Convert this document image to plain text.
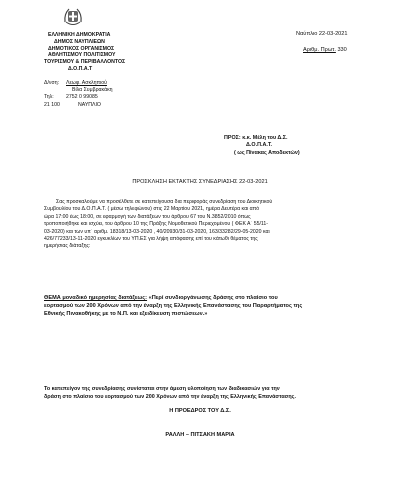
ΕΛΛΗΝΙΚΗ ΔΗΜΟΚΡΑΤΙΑ
ΔΗΜΟΣ ΝΑΥΠΛΙΕΩΝ
ΔΗΜΟΤΙΚΟΣ ΟΡΓΑΝΙΣΜΟΣ
ΑΘΛΗΤΙΣΜΟΥ ΠΟΛΙΤΙΣΜΟΥ
ΤΟΥΡΙΣΜΟΥ & ΠΕΡΙΒΑΛΛΟΝΤΟΣ
Δ.Ο.Π.Α.Τ
Ναύπλιο 22-03-2021
Αριθμ. Πρωτ. 330
Δ/νση:	Λεωφ. Ασκληπιού
Βίλα Συμβρακάκη
Τηλ:	2752 0 99085
21 100	ΝΑΥΠΛΙΟ
ΠΡΟΣ: κ.κ. Μέλη του Δ.Σ.
Δ.Ο.Π.Α.Τ.
( ως Πίνακας Αποδεκτών)
ΠΡΟΣΚΛΗΣΗ ΕΚΤΑΚΤΗΣ ΣΥΝΕΔΡΙΑΣΗΣ 22-03-2021
Σας προσκαλούμε να προσέλθετε σε κατεπείγουσα δια περιφοράς συνεδρίαση του Διοικητικού
Συμβουλίου του Δ.Ο.Π.Α.Τ. ( μέσω τηλεφώνου) στις 22 Μαρτίου 2021, ημέρα Δευτέρα και από
ώρα 17:00 έως 18:00, σε εφαρμογή των διατάξεων του άρθρου 67 του Ν.3852/2010 όπως
τροποποιήθηκε και ισχύει, του άρθρου 10 της Πράξης Νομοθετικού Περιεχομένου ( ΦΕΚ Α΄ 55/11-
03-2020) και των υπ΄ αριθμ. 18318/13-03-2020 , 40/20930/31-03-2020, 163/33282/29-05-2020 και
426/77233/13-11-2020 εγκυκλίων του ΥΠ.ΕΣ για λήψη απόφασης επί του κάτωθι θέματος της
ημερήσιας διάταξης:
ΘΕΜΑ μοναδικό ημερησίας διατάξεως: «Περί συνδιοργάνωσης δράσης στο πλαίσιο του
εορτασμού των 200 Χρόνων από την έναρξη της Ελληνικής Επανάστασης του Παραρτήματος της
Εθνικής Πινακοθήκης με το Ν.Π. και εξειδίκευση πιστώσεων.»
Το κατεπείγον της συνεδρίασης συνίσταται στην άμεση υλοποίηση των διαδικασιών για την
δράση στο πλαίσιο του εορτασμού των 200 Χρόνων από την έναρξη της Ελληνικής Επανάστασης.
Η ΠΡΟΕΔΡΟΣ ΤΟΥ Δ.Σ.
ΡΑΛΛΗ – ΠΙΤΣΑΚΗ ΜΑΡΙΑ
